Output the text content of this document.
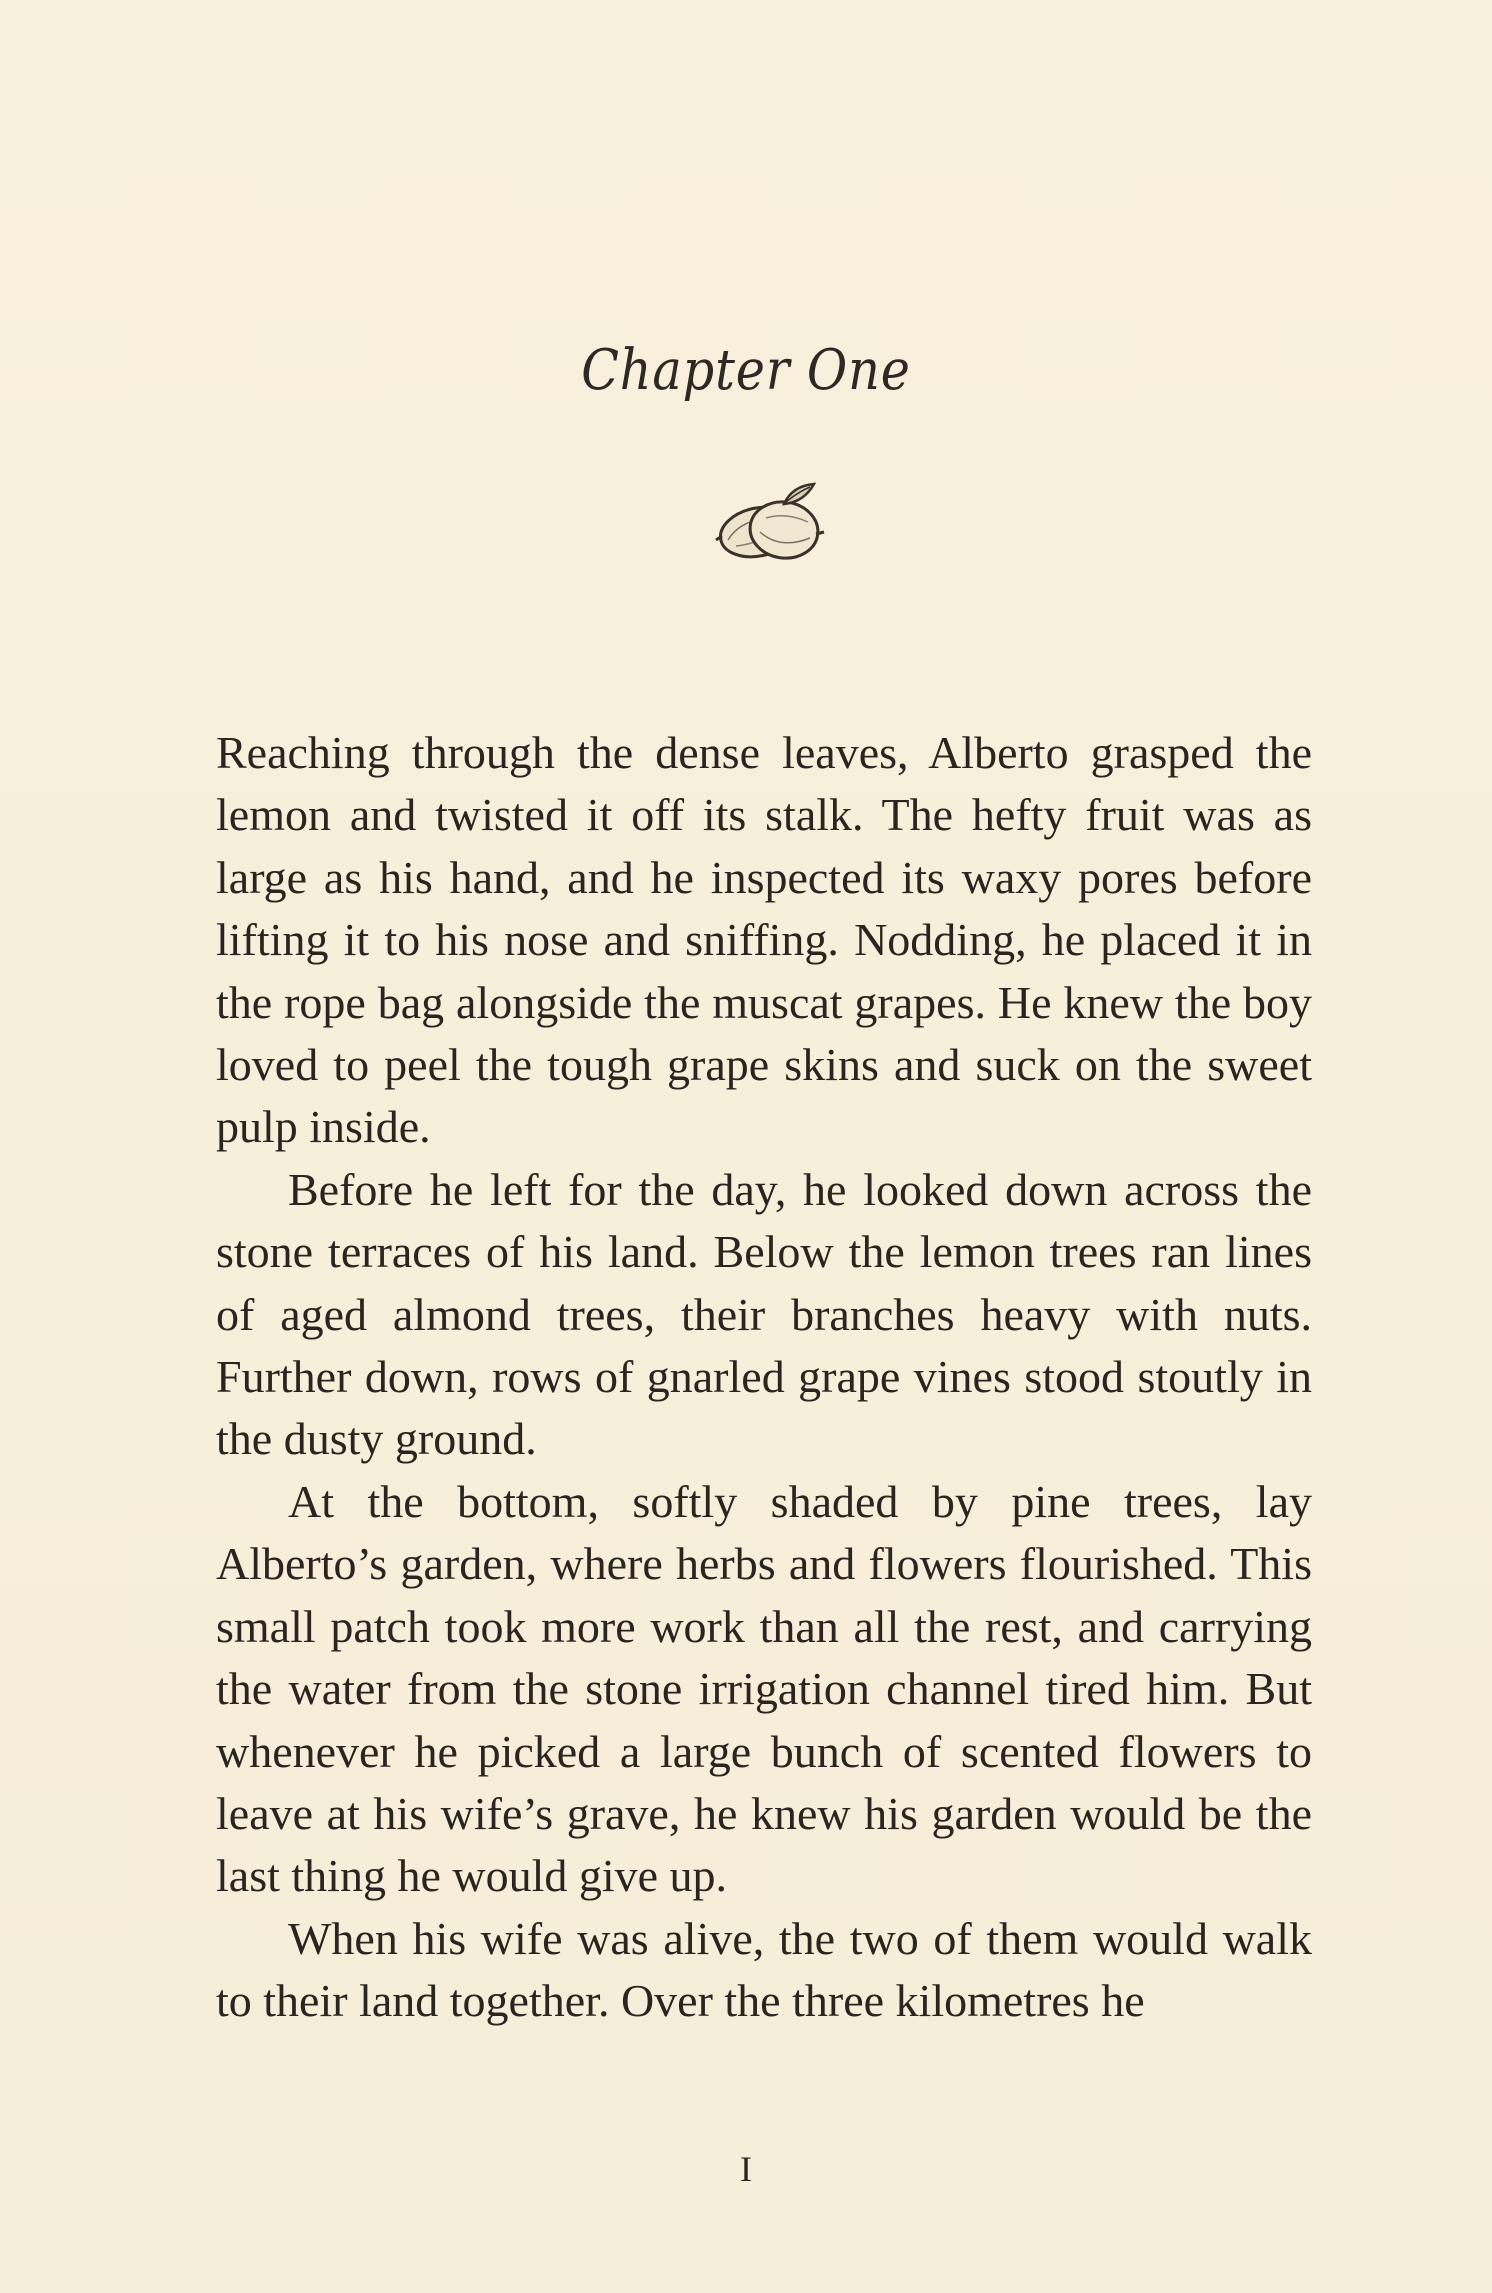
Chapter One

Reaching through the dense leaves, Alberto grasped the lemon and twisted it off its stalk. The hefty fruit was as large as his hand, and he inspected its waxy pores before lifting it to his nose and sniffing. Nodding, he placed it in the rope bag alongside the muscat grapes. He knew the boy loved to peel the tough grape skins and suck on the sweet pulp inside.

Before he left for the day, he looked down across the stone terraces of his land. Below the lemon trees ran lines of aged almond trees, their branches heavy with nuts. Further down, rows of gnarled grape vines stood stoutly in the dusty ground.

At the bottom, softly shaded by pine trees, lay Alberto’s garden, where herbs and flowers flourished. This small patch took more work than all the rest, and carrying the water from the stone irrigation channel tired him. But whenever he picked a large bunch of scented flowers to leave at his wife’s grave, he knew his garden would be the last thing he would give up.

When his wife was alive, the two of them would walk to their land together. Over the three kilometres he

I
